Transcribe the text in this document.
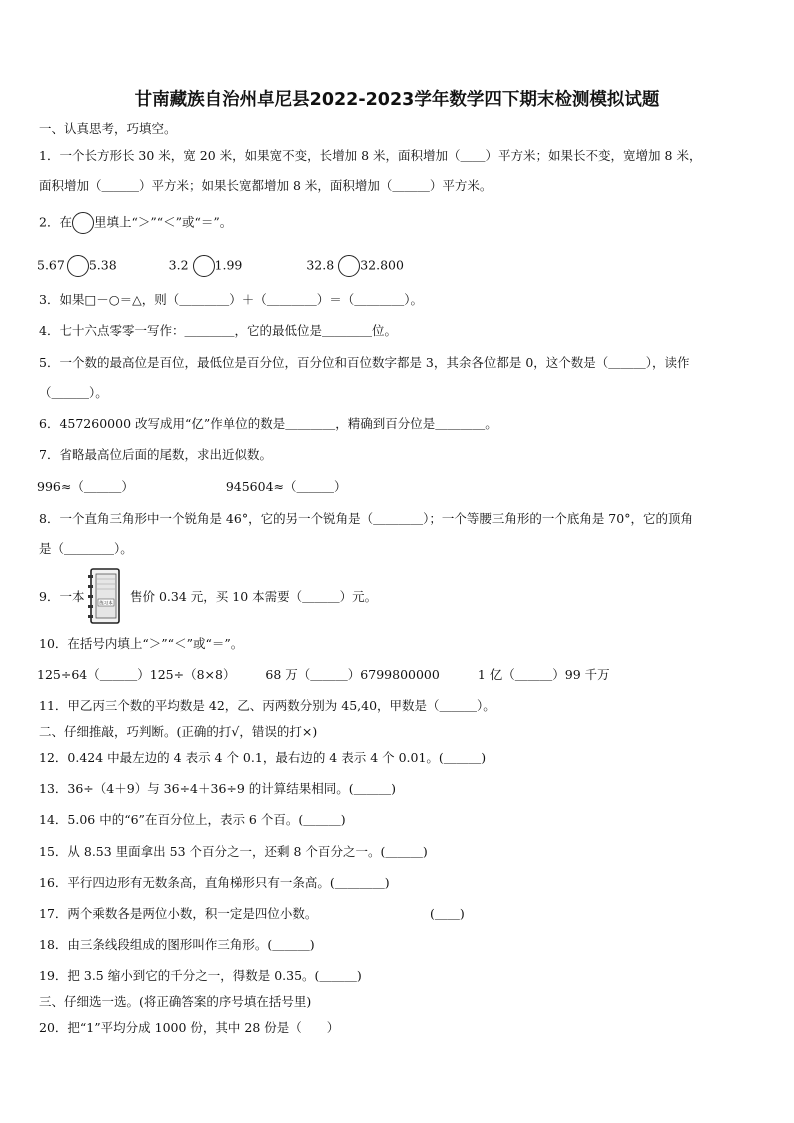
甘南藏族自治州卓尼县2022-2023学年数学四下期末检测模拟试题
一、认真思考，巧填空。
1．一个长方形长 30 米，宽 20 米，如果宽不变，长增加 8 米，面积增加（＿＿）平方米；如果长不变，宽增加 8 米，
面积增加（＿＿＿）平方米；如果长宽都增加 8 米，面积增加（＿＿＿）平方米。
2．在 里填上“＞”“＜”或“＝”。
5.67 5.38	3.2 1.99	32.8 32.800
3．如果□－○＝△，则（＿＿＿＿）＋（＿＿＿＿）＝（＿＿＿＿）。
4．七十六点零零一写作：＿＿＿＿，它的最低位是＿＿＿＿位。
5．一个数的最高位是百位，最低位是百分位，百分位和百位数字都是 3，其余各位都是 0，这个数是（＿＿＿），读作
（＿＿＿）。
6．457260000 改写成用“亿”作单位的数是＿＿＿＿，精确到百分位是＿＿＿＿。
7．省略最高位后面的尾数，求出近似数。
996≈（＿＿＿）	945604≈（＿＿＿）
8．一个直角三角形中一个锐角是 46°，它的另一个锐角是（＿＿＿＿）；一个等腰三角形的一个底角是 70°，它的顶角
是（＿＿＿＿）。
9．一本	练习本 售价 0.34 元，买 10 本需要（＿＿＿）元。
10．在括号内填上“＞”“＜”或“＝”。
125÷64（＿＿＿）125÷（8×8） 68 万（＿＿＿）6799800000	1 亿（＿＿＿）99 千万
11．甲乙丙三个数的平均数是 42，乙、丙两数分别为 45,40，甲数是（＿＿＿）。
二、仔细推敲，巧判断。(正确的打√，错误的打×)
12．0.424 中最左边的 4 表示 4 个 0.1，最右边的 4 表示 4 个 0.01。(＿＿＿)
13．36÷（4＋9）与 36÷4＋36÷9 的计算结果相同。(＿＿＿)
14．5.06 中的“6”在百分位上，表示 6 个百。(＿＿＿)
15．从 8.53 里面拿出 53 个百分之一，还剩 8 个百分之一。(＿＿＿)
16．平行四边形有无数条高，直角梯形只有一条高。(＿＿＿＿)
17．两个乘数各是两位小数，积一定是四位小数。	(＿＿)
18．由三条线段组成的图形叫作三角形。(＿＿＿)
19．把 3.5 缩小到它的千分之一，得数是 0.35。(＿＿＿)
三、仔细选一选。(将正确答案的序号填在括号里)
20．把“1”平均分成 1000 份，其中 28 份是（　　）
